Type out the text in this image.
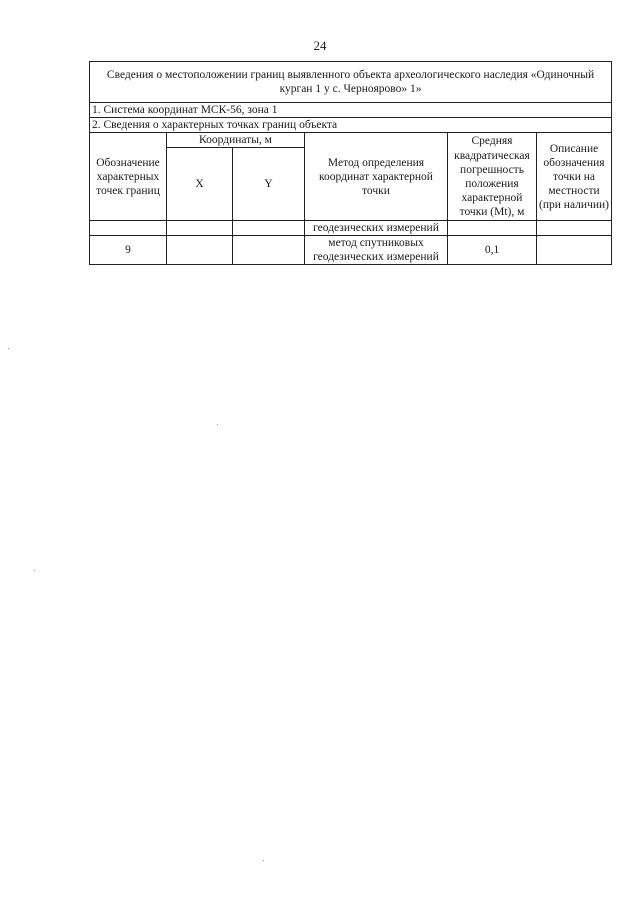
24
Сведения о местоположении границ выявленного объекта археологического наследия «Одиночный курган 1 у с. Черноярово» 1»					
1. Система координат МСК-56, зона 1					
2. Сведения о характерных точках границ объекта					
Обозначение характерных точек границ	Координаты, м		Метод определения координат характерной точки	Средняя квадратическая погрешность положения характерной точки (Mt), м	Описание обозначения точки на местности (при наличии)
	X	Y			
			геодезических измерений		
9			метод спутниковых геодезических измерений	0,1	
